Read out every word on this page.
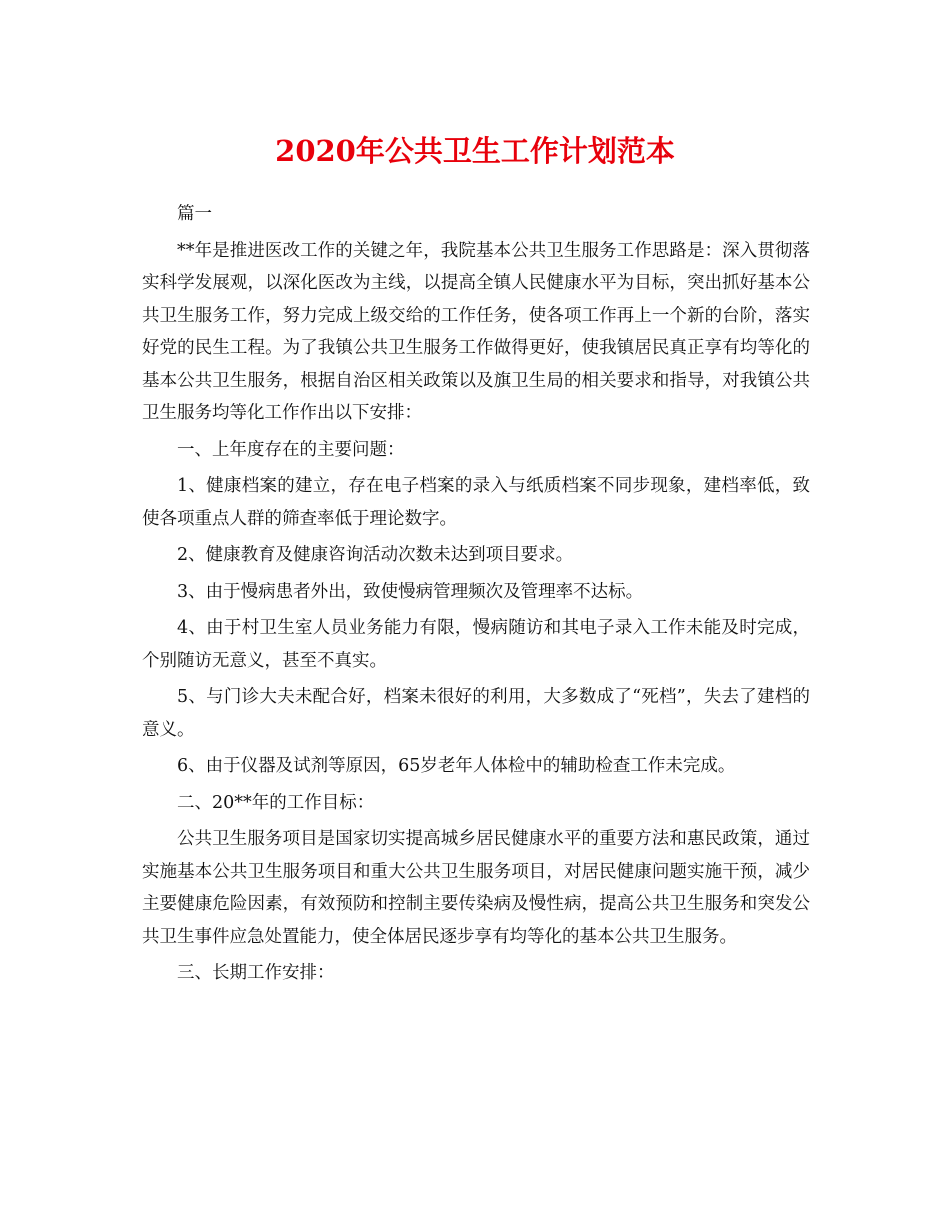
2020年公共卫生工作计划范本

篇一

**年是推进医改工作的关键之年，我院基本公共卫生服务工作思路是：深入贯彻落实科学发展观，以深化医改为主线，以提高全镇人民健康水平为目标，突出抓好基本公共卫生服务工作，努力完成上级交给的工作任务，使各项工作再上一个新的台阶，落实好党的民生工程。为了我镇公共卫生服务工作做得更好，使我镇居民真正享有均等化的基本公共卫生服务，根据自治区相关政策以及旗卫生局的相关要求和指导，对我镇公共卫生服务均等化工作作出以下安排：

一、上年度存在的主要问题：

1、健康档案的建立，存在电子档案的录入与纸质档案不同步现象，建档率低，致使各项重点人群的筛查率低于理论数字。

2、健康教育及健康咨询活动次数未达到项目要求。

3、由于慢病患者外出，致使慢病管理频次及管理率不达标。

4、由于村卫生室人员业务能力有限，慢病随访和其电子录入工作未能及时完成，个别随访无意义，甚至不真实。

5、与门诊大夫未配合好，档案未很好的利用，大多数成了“死档”，失去了建档的意义。

6、由于仪器及试剂等原因，65岁老年人体检中的辅助检查工作未完成。

二、20**年的工作目标：

公共卫生服务项目是国家切实提高城乡居民健康水平的重要方法和惠民政策，通过实施基本公共卫生服务项目和重大公共卫生服务项目，对居民健康问题实施干预，减少主要健康危险因素，有效预防和控制主要传染病及慢性病，提高公共卫生服务和突发公共卫生事件应急处置能力，使全体居民逐步享有均等化的基本公共卫生服务。

三、长期工作安排：
